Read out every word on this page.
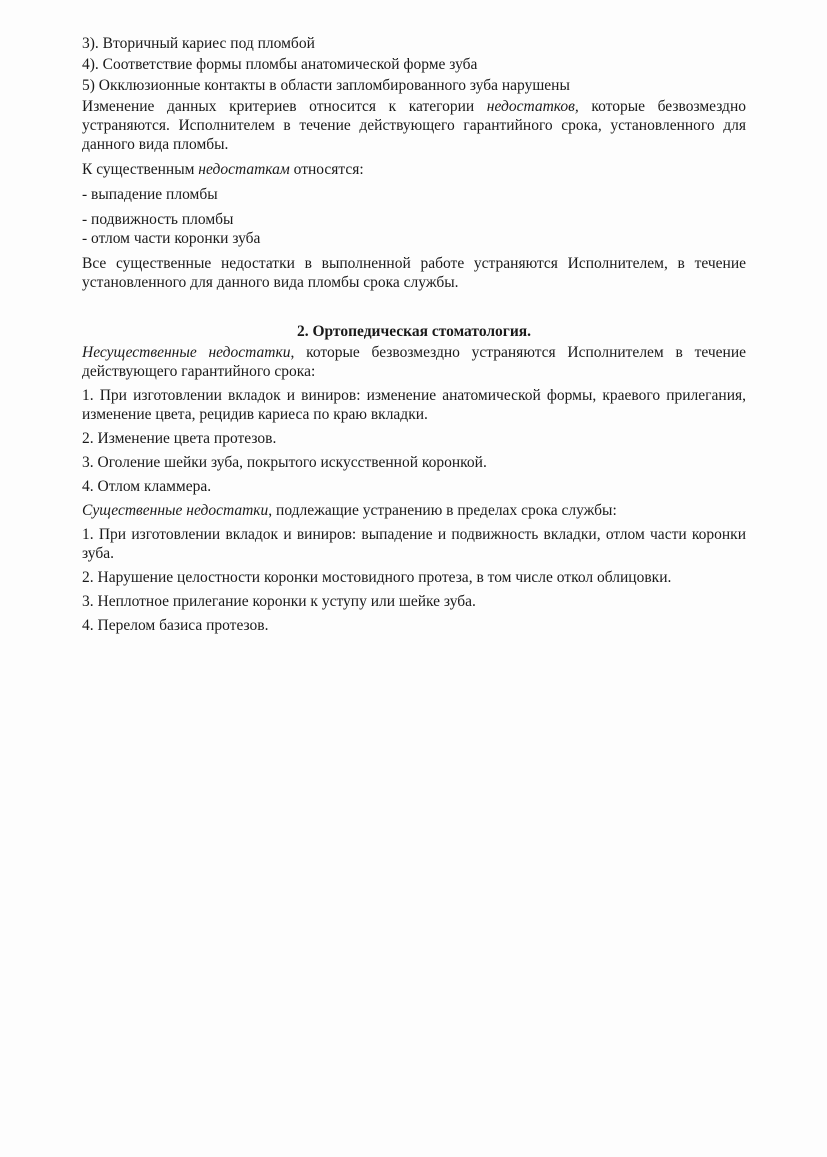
3). Вторичный кариес под пломбой

4). Соответствие формы пломбы анатомической форме зуба

5) Окклюзионные контакты в области запломбированного зуба нарушены

Изменение данных критериев относится к категории недостатков, которые безвозмездно устраняются. Исполнителем в течение действующего гарантийного срока, установленного для данного вида пломбы.

К существенным недостаткам относятся:

- выпадение пломбы

- подвижность пломбы

- отлом части коронки зуба

Все существенные недостатки в выполненной работе устраняются Исполнителем, в течение установленного для данного вида пломбы срока службы.

2. Ортопедическая стоматология.

Несущественные недостатки, которые безвозмездно устраняются Исполнителем в течение действующего гарантийного срока:

1. При изготовлении вкладок и виниров: изменение анатомической формы, краевого прилегания, изменение цвета, рецидив кариеса по краю вкладки.

2. Изменение цвета протезов.

3. Оголение шейки зуба, покрытого искусственной коронкой.

4. Отлом кламмера.

Существенные недостатки, подлежащие устранению в пределах срока службы:

1. При изготовлении вкладок и виниров: выпадение и подвижность вкладки, отлом части коронки зуба.

2. Нарушение целостности коронки мостовидного протеза, в том числе откол облицовки.

3. Неплотное прилегание коронки к уступу или шейке зуба.

4. Перелом базиса протезов.
